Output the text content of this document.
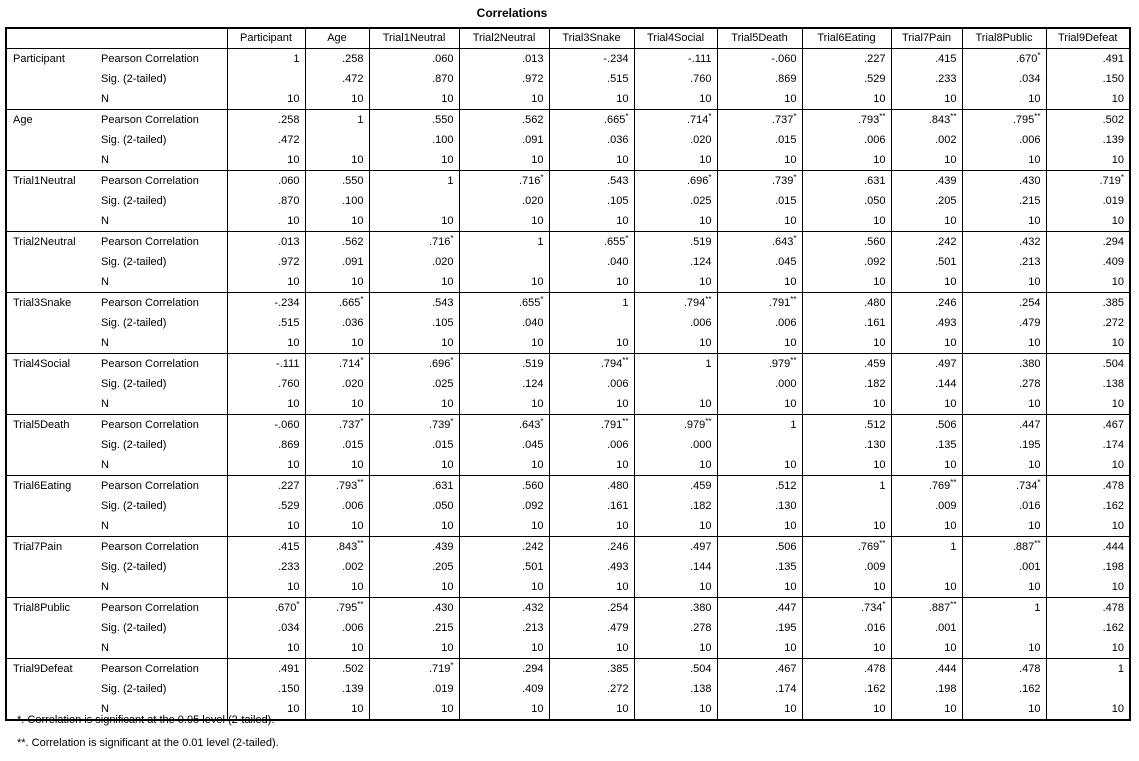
Correlations
		Participant	Age	Trial1Neutral	Trial2Neutral	Trial3Snake	Trial4Social	Trial5Death	Trial6Eating	Trial7Pain	Trial8Public	Trial9Defeat
Participant	Pearson Correlation	1	.258	.060	.013	-.234	-.111	-.060	.227	.415	.670*	.491
	Sig. (2-tailed)		.472	.870	.972	.515	.760	.869	.529	.233	.034	.150
	N	10	10	10	10	10	10	10	10	10	10	10
Age	Pearson Correlation	.258	1	.550	.562	.665*	.714*	.737*	.793**	.843**	.795**	.502
	Sig. (2-tailed)	.472		.100	.091	.036	.020	.015	.006	.002	.006	.139
	N	10	10	10	10	10	10	10	10	10	10	10
Trial1Neutral	Pearson Correlation	.060	.550	1	.716*	.543	.696*	.739*	.631	.439	.430	.719*
	Sig. (2-tailed)	.870	.100		.020	.105	.025	.015	.050	.205	.215	.019
	N	10	10	10	10	10	10	10	10	10	10	10
Trial2Neutral	Pearson Correlation	.013	.562	.716*	1	.655*	.519	.643*	.560	.242	.432	.294
	Sig. (2-tailed)	.972	.091	.020		.040	.124	.045	.092	.501	.213	.409
	N	10	10	10	10	10	10	10	10	10	10	10
Trial3Snake	Pearson Correlation	-.234	.665*	.543	.655*	1	.794**	.791**	.480	.246	.254	.385
	Sig. (2-tailed)	.515	.036	.105	.040		.006	.006	.161	.493	.479	.272
	N	10	10	10	10	10	10	10	10	10	10	10
Trial4Social	Pearson Correlation	-.111	.714*	.696*	.519	.794**	1	.979**	.459	.497	.380	.504
	Sig. (2-tailed)	.760	.020	.025	.124	.006		.000	.182	.144	.278	.138
	N	10	10	10	10	10	10	10	10	10	10	10
Trial5Death	Pearson Correlation	-.060	.737*	.739*	.643*	.791**	.979**	1	.512	.506	.447	.467
	Sig. (2-tailed)	.869	.015	.015	.045	.006	.000		.130	.135	.195	.174
	N	10	10	10	10	10	10	10	10	10	10	10
Trial6Eating	Pearson Correlation	.227	.793**	.631	.560	.480	.459	.512	1	.769**	.734*	.478
	Sig. (2-tailed)	.529	.006	.050	.092	.161	.182	.130		.009	.016	.162
	N	10	10	10	10	10	10	10	10	10	10	10
Trial7Pain	Pearson Correlation	.415	.843**	.439	.242	.246	.497	.506	.769**	1	.887**	.444
	Sig. (2-tailed)	.233	.002	.205	.501	.493	.144	.135	.009		.001	.198
	N	10	10	10	10	10	10	10	10	10	10	10
Trial8Public	Pearson Correlation	.670*	.795**	.430	.432	.254	.380	.447	.734*	.887**	1	.478
	Sig. (2-tailed)	.034	.006	.215	.213	.479	.278	.195	.016	.001		.162
	N	10	10	10	10	10	10	10	10	10	10	10
Trial9Defeat	Pearson Correlation	.491	.502	.719*	.294	.385	.504	.467	.478	.444	.478	1
	Sig. (2-tailed)	.150	.139	.019	.409	.272	.138	.174	.162	.198	.162	
	N	10	10	10	10	10	10	10	10	10	10	10
*. Correlation is significant at the 0.05 level (2-tailed).
**. Correlation is significant at the 0.01 level (2-tailed).
